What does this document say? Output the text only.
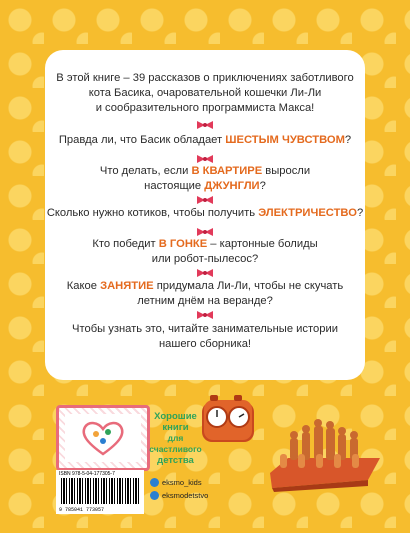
В этой книге – 39 рассказов о приключениях заботливого
кота Басика, очаровательной кошечки Ли-Ли
и сообразительного программиста Макса!
Правда ли, что Басик обладает ШЕСТЫМ ЧУВСТВОМ?
Что делать, если В КВАРТИРЕ выросли
настоящие ДЖУНГЛИ?
Сколько нужно котиков, чтобы получить ЭЛЕКТРИЧЕСТВО?
Кто победит В ГОНКЕ – картонные болиды
или робот-пылесос?
Какое ЗАНЯТИЕ придумала Ли-Ли, чтобы не скучать
летним днём на веранде?
Чтобы узнать это, читайте занимательные истории
нашего сборника!
Хорошие
книги
для счастливого
детства
ISBN 978-5-04-177305-7
9 785041 773057
eksmo_kids
eksmodetstvo
